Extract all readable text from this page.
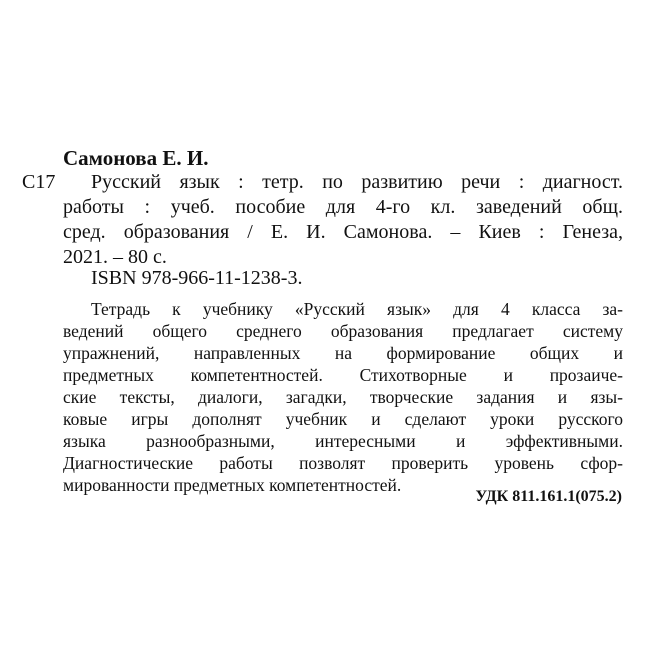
Самонова Е. И.
С17	Русский язык : тетр. по развитию речи : диагност.
работы : учеб. пособие для 4-го кл. заведений общ.
сред. образования / Е. И. Самонова. – Киев : Генеза,
2021. – 80 с.
ISBN 978-966-11-1238-3.
Тетрадь к учебнику «Русский язык» для 4 класса за-
ведений общего среднего образования предлагает систему
упражнений, направленных на формирование общих и
предметных компетентностей. Стихотворные и прозаиче-
ские тексты, диалоги, загадки, творческие задания и язы-
ковые игры дополнят учебник и сделают уроки русского
языка разнообразными, интересными и эффективными.
Диагностические работы позволят проверить уровень сфор-
мированности предметных компетентностей.
УДК 811.161.1(075.2)
